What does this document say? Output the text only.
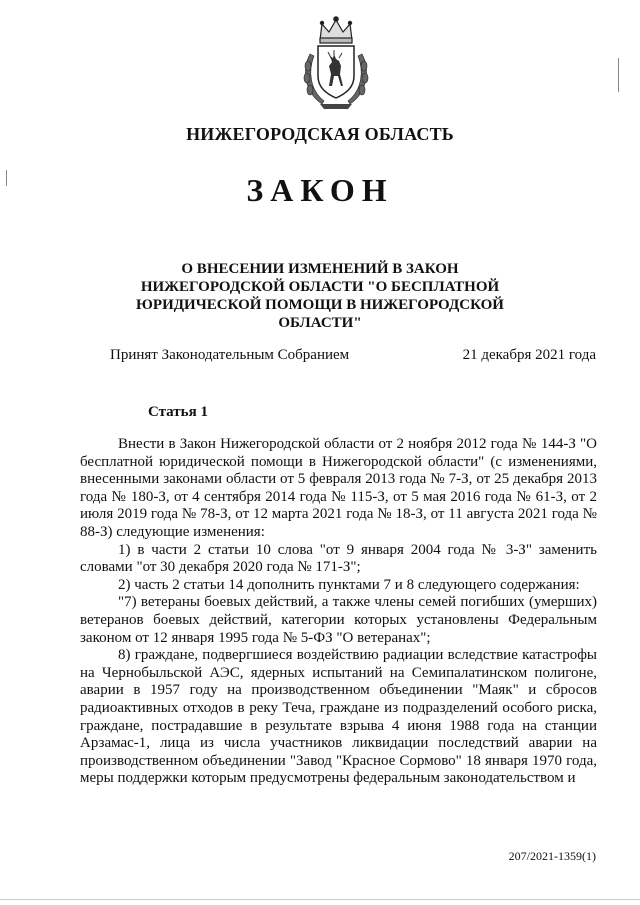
НИЖЕГОРОДСКАЯ ОБЛАСТЬ
ЗАКОН
О ВНЕСЕНИИ ИЗМЕНЕНИЙ В ЗАКОН НИЖЕГОРОДСКОЙ ОБЛАСТИ "О БЕСПЛАТНОЙ ЮРИДИЧЕСКОЙ ПОМОЩИ В НИЖЕГОРОДСКОЙ ОБЛАСТИ"
Принят Законодательным Собранием	21 декабря 2021 года
Статья 1

Внести в Закон Нижегородской области от 2 ноября 2012 года № 144-З "О бесплатной юридической помощи в Нижегородской области" (с изменениями, внесенными законами области от 5 февраля 2013 года № 7-З, от 25 декабря 2013 года № 180-З, от 4 сентября 2014 года № 115-З, от 5 мая 2016 года № 61-З, от 2 июля 2019 года № 78-З, от 12 марта 2021 года № 18-З, от 11 августа 2021 года № 88-З) следующие изменения:

1) в части 2 статьи 10 слова "от 9 января 2004 года № 3-З" заменить словами "от 30 декабря 2020 года № 171-З";

2) часть 2 статьи 14 дополнить пунктами 7 и 8 следующего содержания:

"7) ветераны боевых действий, а также члены семей погибших (умерших) ветеранов боевых действий, категории которых установлены Федеральным законом от 12 января 1995 года № 5-ФЗ "О ветеранах";

8) граждане, подвергшиеся воздействию радиации вследствие катастрофы на Чернобыльской АЭС, ядерных испытаний на Семипалатинском полигоне, аварии в 1957 году на производственном объединении "Маяк" и сбросов радиоактивных отходов в реку Теча, граждане из подразделений особого риска, граждане, пострадавшие в результате взрыва 4 июня 1988 года на станции Арзамас-1, лица из числа участников ликвидации последствий аварии на производственном объединении "Завод "Красное Сормово" 18 января 1970 года, меры поддержки которым предусмотрены федеральным законодательством и

207/2021-1359(1)
